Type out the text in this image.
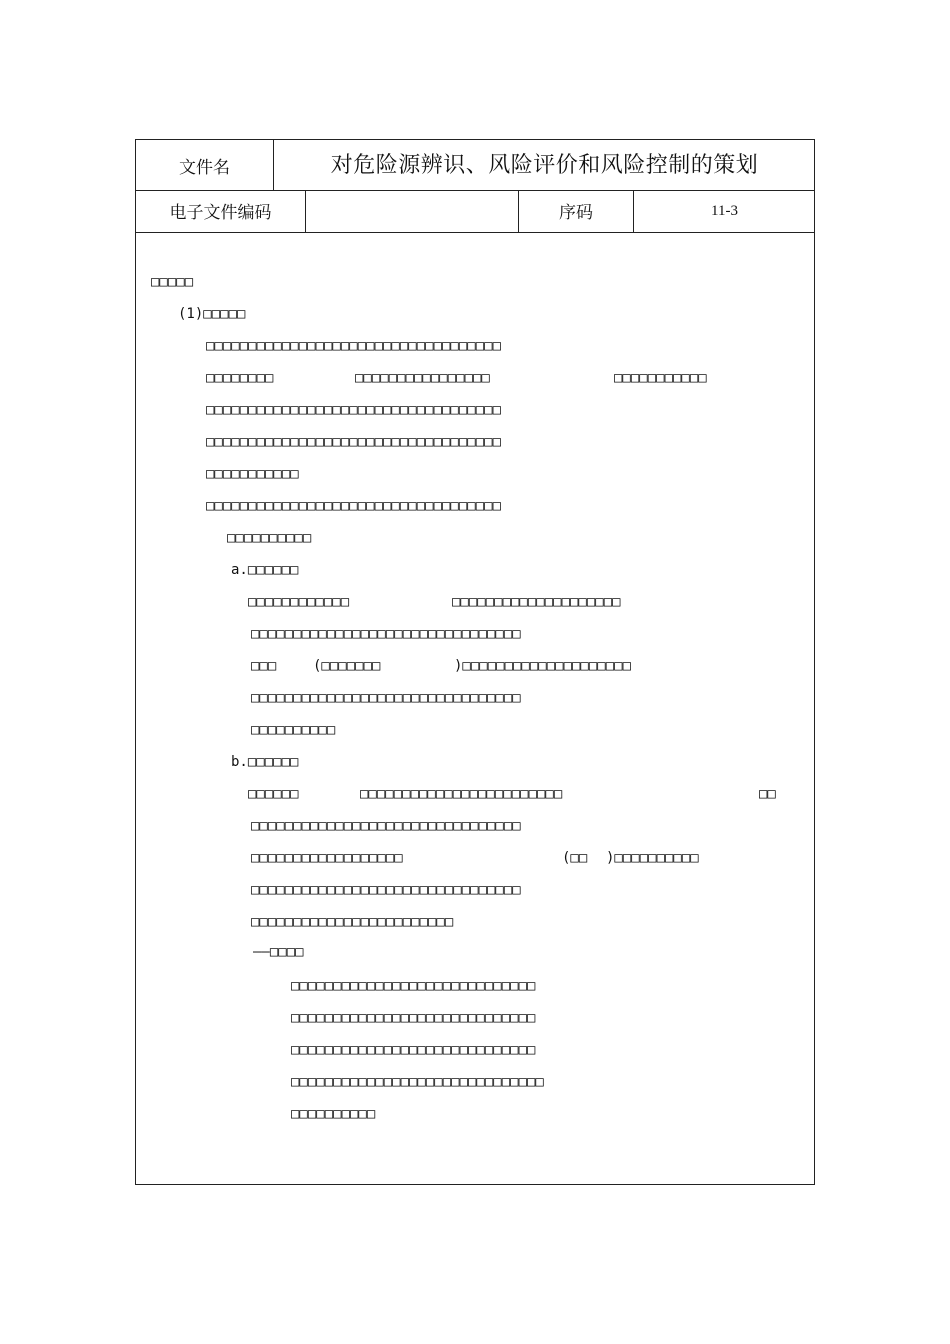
文件名	对危险源辨识、风险评价和风险控制的策划
电子文件编码	序码	11-3
□□□□□
(1)□□□□□
□□□□□□□□□□□□□□□□□□□□□□□□□□□□□□□□□□□
□□□□□□□□	□□□□□□□□□□□□□□□□	□□□□□□□□□□□
□□□□□□□□□□□□□□□□□□□□□□□□□□□□□□□□□□□
□□□□□□□□□□□□□□□□□□□□□□□□□□□□□□□□□□□
□□□□□□□□□□□
□□□□□□□□□□□□□□□□□□□□□□□□□□□□□□□□□□□
□□□□□□□□□□
a.□□□□□□
□□□□□□□□□□□□	□□□□□□□□□□□□□□□□□□□□
□□□□□□□□□□□□□□□□□□□□□□□□□□□□□□□□
□□□	(□□□□□□□	)□□□□□□□□□□□□□□□□□□□□
□□□□□□□□□□□□□□□□□□□□□□□□□□□□□□□□
□□□□□□□□□□
b.□□□□□□
□□□□□□	□□□□□□□□□□□□□□□□□□□□□□□□	□□
□□□□□□□□□□□□□□□□□□□□□□□□□□□□□□□□
□□□□□□□□□□□□□□□□□□	(□□ )□□□□□□□□□□
□□□□□□□□□□□□□□□□□□□□□□□□□□□□□□□□
□□□□□□□□□□□□□□□□□□□□□□□□
——□□□□
□□□□□□□□□□□□□□□□□□□□□□□□□□□□□
□□□□□□□□□□□□□□□□□□□□□□□□□□□□□
□□□□□□□□□□□□□□□□□□□□□□□□□□□□□
□□□□□□□□□□□□□□□□□□□□□□□□□□□□□□
□□□□□□□□□□
